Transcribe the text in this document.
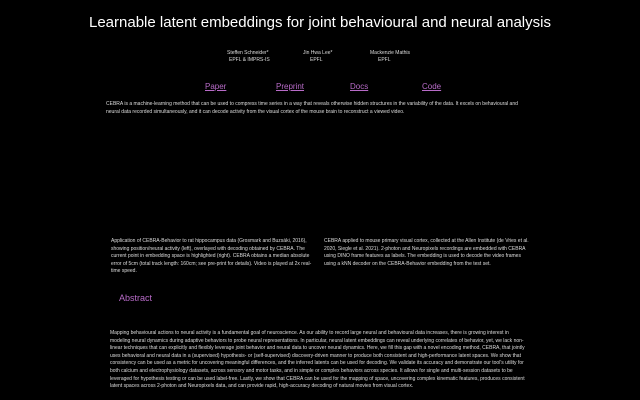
Learnable latent embeddings for joint behavioural and neural analysis
Steffen Schneider*
EPFL & IMPRS-IS
Jin Hwa Lee*
EPFL
Mackenzie Mathis
EPFL
Paper	Preprint	Docs	Code
CEBRA is a machine-learning method that can be used to compress time series in a way that reveals otherwise hidden structures in the variability of the data. It excels on behavioural and neural data recorded simultaneously, and it can decode activity from the visual cortex of the mouse brain to reconstruct a viewed video.
Application of CEBRA-Behavior to rat hippocampus data (Grosmark and Buzsáki, 2016), showing position/neural activity (left), overlayed with decoding obtained by CEBRA. The current point in embedding space is highlighted (right). CEBRA obtains a median absolute error of 5cm (total track length: 160cm; see pre-print for details). Video is played at 2x real-time speed.
CEBRA applied to mouse primary visual cortex, collected at the Allen Institute (de Vries et al. 2020, Siegle et al. 2021). 2-photon and Neuropixels recordings are embedded with CEBRA using DINO frame features as labels. The embedding is used to decode the video frames using a kNN decoder on the CEBRA-Behavior embedding from the test set.
Abstract
Mapping behavioural actions to neural activity is a fundamental goal of neuroscience. As our ability to record large neural and behavioural data increases, there is growing interest in modeling neural dynamics during adaptive behaviors to probe neural representations. In particular, neural latent embeddings can reveal underlying correlates of behavior, yet, we lack non-linear techniques that can explicitly and flexibly leverage joint behavior and neural data to uncover neural dynamics. Here, we fill this gap with a novel encoding method, CEBRA, that jointly uses behavioral and neural data in a (supervised) hypothesis- or (self-supervised) discovery-driven manner to produce both consistent and high-performance latent spaces. We show that consistency can be used as a metric for uncovering meaningful differences, and the inferred latents can be used for decoding. We validate its accuracy and demonstrate our tool's utility for both calcium and electrophysiology datasets, across sensory and motor tasks, and in simple or complex behaviors across species. It allows for single and multi-session datasets to be leveraged for hypothesis testing or can be used label-free. Lastly, we show that CEBRA can be used for the mapping of space, uncovering complex kinematic features, produces consistent latent spaces across 2-photon and Neuropixels data, and can provide rapid, high-accuracy decoding of natural movies from visual cortex.
